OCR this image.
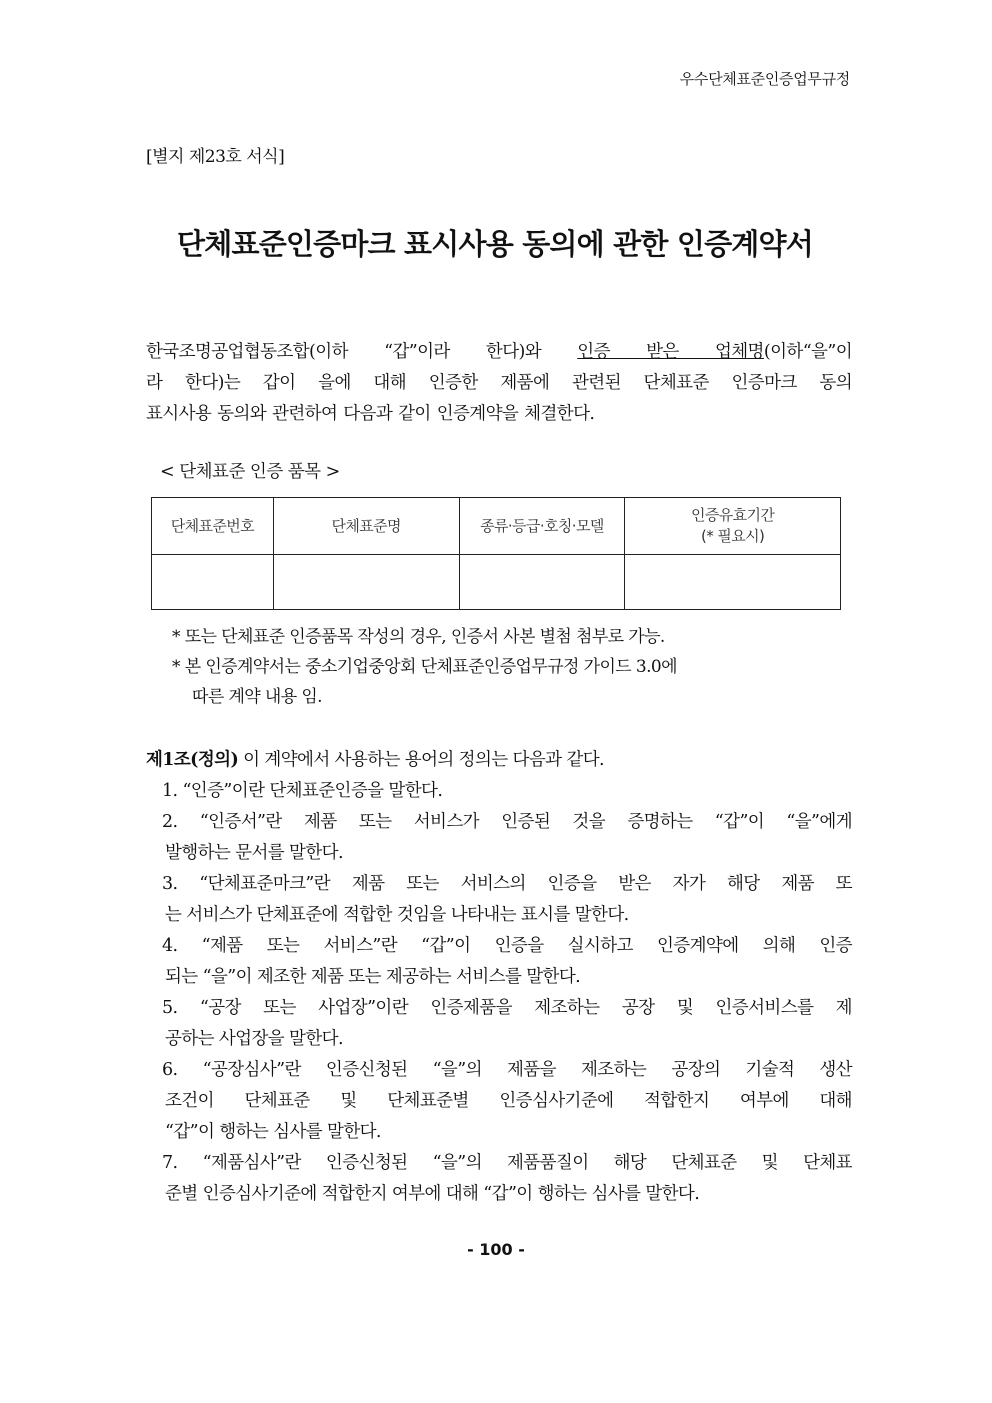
우수단체표준인증업무규정
[별지 제23호 서식]
단체표준인증마크 표시사용 동의에 관한 인증계약서
한국조명공업협동조합(이하 “갑”이라 한다)와 인증 받은 업체명(이하“을”이
라 한다)는 갑이 을에 대해 인증한 제품에 관련된 단체표준 인증마크 동의
표시사용 동의와 관련하여 다음과 같이 인증계약을 체결한다.
< 단체표준 인증 품목 >
단체표준번호	단체표준명	종류·등급·호칭·모델	인증유효기간
(* 필요시)

* 또는 단체표준 인증품목 작성의 경우, 인증서 사본 별첨 첨부로 가능.
* 본 인증계약서는 중소기업중앙회 단체표준인증업무규정 가이드 3.0에
따른 계약 내용 임.
제1조(정의) 이 계약에서 사용하는 용어의 정의는 다음과 같다.
1. “인증”이란 단체표준인증을 말한다.
2. “인증서”란 제품 또는 서비스가 인증된 것을 증명하는 “갑”이 “을”에게
발행하는 문서를 말한다.
3. “단체표준마크”란 제품 또는 서비스의 인증을 받은 자가 해당 제품 또
는 서비스가 단체표준에 적합한 것임을 나타내는 표시를 말한다.
4. “제품 또는 서비스”란 “갑”이 인증을 실시하고 인증계약에 의해 인증
되는 “을”이 제조한 제품 또는 제공하는 서비스를 말한다.
5. “공장 또는 사업장”이란 인증제품을 제조하는 공장 및 인증서비스를 제
공하는 사업장을 말한다.
6. “공장심사”란 인증신청된 “을”의 제품을 제조하는 공장의 기술적 생산
조건이 단체표준 및 단체표준별 인증심사기준에 적합한지 여부에 대해
“갑”이 행하는 심사를 말한다.
7. “제품심사”란 인증신청된 “을”의 제품품질이 해당 단체표준 및 단체표
준별 인증심사기준에 적합한지 여부에 대해 “갑”이 행하는 심사를 말한다.
- 100 -
